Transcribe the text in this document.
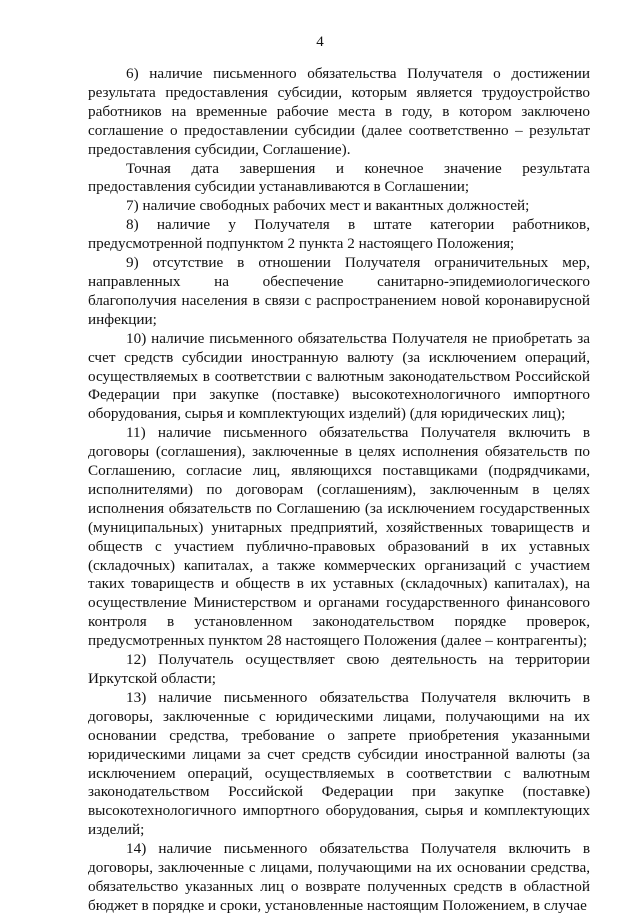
4

6) наличие письменного обязательства Получателя о достижении результата предоставления субсидии, которым является трудоустройство работников на временные рабочие места в году, в котором заключено соглашение о предоставлении субсидии (далее соответственно – результат предоставления субсидии, Соглашение).

Точная дата завершения и конечное значение результата предоставления субсидии устанавливаются в Соглашении;

7) наличие свободных рабочих мест и вакантных должностей;

8) наличие у Получателя в штате категории работников, предусмотренной подпунктом 2 пункта 2 настоящего Положения;

9) отсутствие в отношении Получателя ограничительных мер, направленных на обеспечение санитарно-эпидемиологического благополучия населения в связи с распространением новой коронавирусной инфекции;

10) наличие письменного обязательства Получателя не приобретать за счет средств субсидии иностранную валюту (за исключением операций, осуществляемых в соответствии с валютным законодательством Российской Федерации при закупке (поставке) высокотехнологичного импортного оборудования, сырья и комплектующих изделий) (для юридических лиц);

11) наличие письменного обязательства Получателя включить в договоры (соглашения), заключенные в целях исполнения обязательств по Соглашению, согласие лиц, являющихся поставщиками (подрядчиками, исполнителями) по договорам (соглашениям), заключенным в целях исполнения обязательств по Соглашению (за исключением государственных (муниципальных) унитарных предприятий, хозяйственных товариществ и обществ с участием публично-правовых образований в их уставных (складочных) капиталах, а также коммерческих организаций с участием таких товариществ и обществ в их уставных (складочных) капиталах), на осуществление Министерством и органами государственного финансового контроля в установленном законодательством порядке проверок, предусмотренных пунктом 28 настоящего Положения (далее – контрагенты);

12) Получатель осуществляет свою деятельность на территории Иркутской области;

13) наличие письменного обязательства Получателя включить в договоры, заключенные с юридическими лицами, получающими на их основании средства, требование о запрете приобретения указанными юридическими лицами за счет средств субсидии иностранной валюты (за исключением операций, осуществляемых в соответствии с валютным законодательством Российской Федерации при закупке (поставке) высокотехнологичного импортного оборудования, сырья и комплектующих изделий;

14) наличие письменного обязательства Получателя включить в договоры, заключенные с лицами, получающими на их основании средства, обязательство указанных лиц о возврате полученных средств в областной бюджет в порядке и сроки, установленные настоящим Положением, в случае
